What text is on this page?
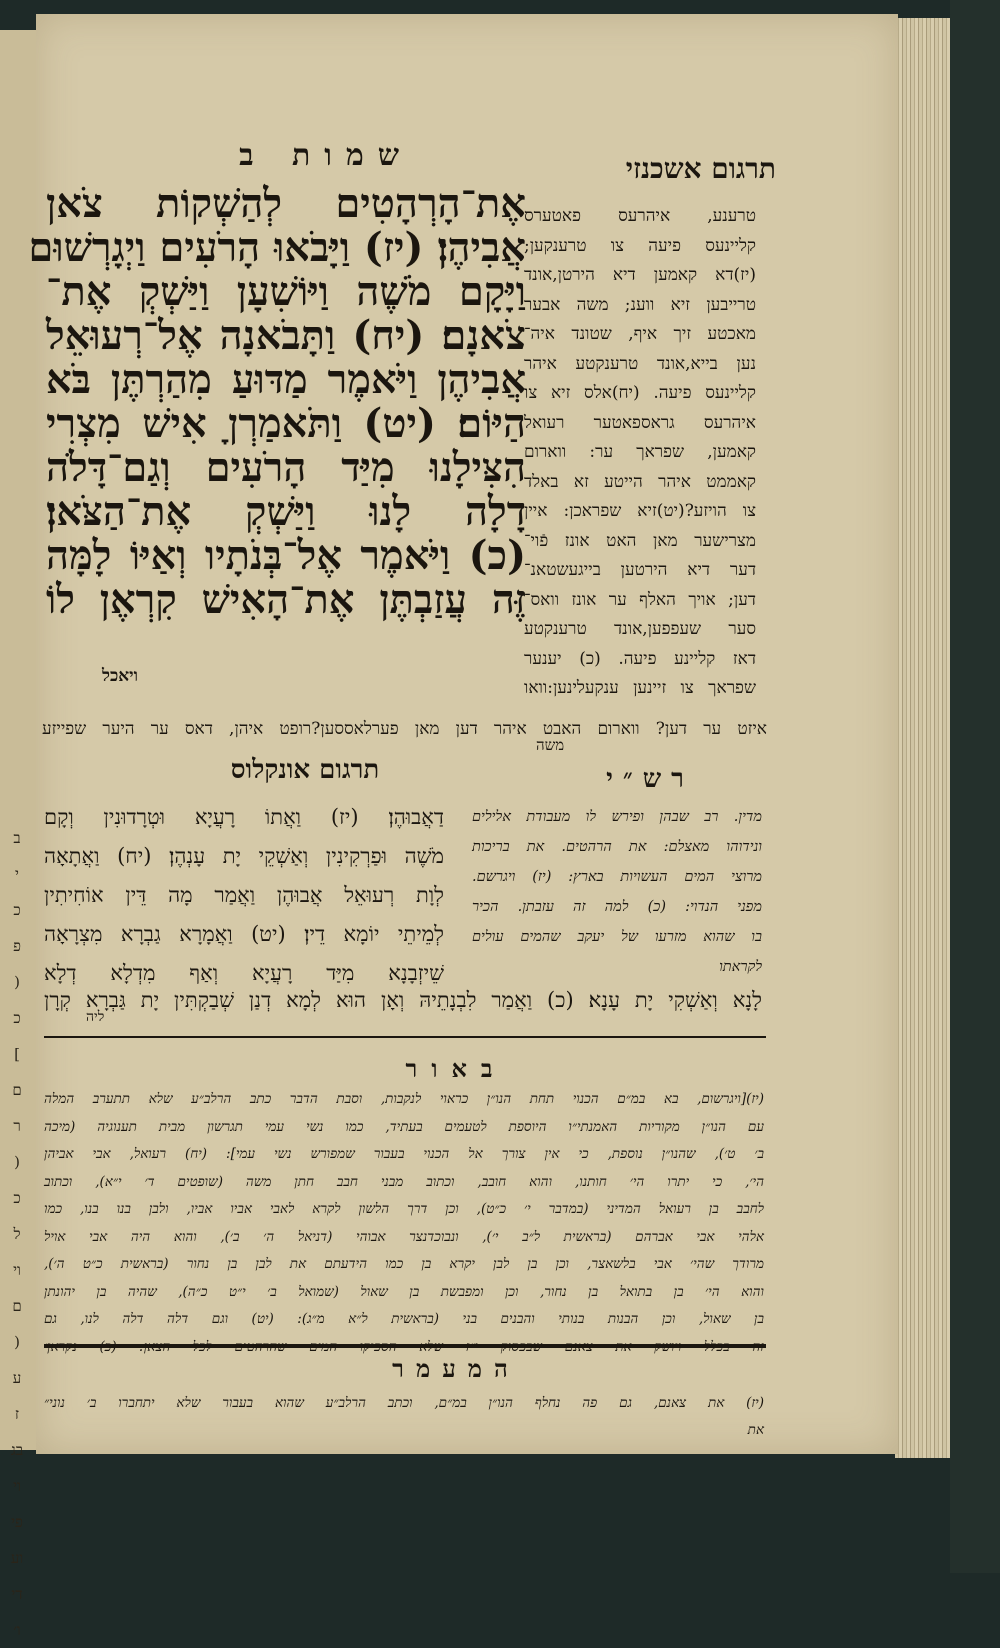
ב
י
כ
פ
(
כ
]
ם
ר
(
כ
ל
וי
ם
(
ע
ז
בג
וי
פי
וע
די
ו׳
שמות ב	תרגום אשכנזי
אֶת־הָרְהָטִים לְהַשְׁקוֹת צֹאן
אֲבִיהֶן׃ (יז) וַיָּבֹאוּ הָרֹעִים וַיְגָרְשׁוּם
וַיָּקָם מֹשֶׁה וַיּוֹשִׁעָן וַיַּשְׁקְ אֶת־
צֹאנָם׃ (יח) וַתָּבֹאנָה אֶל־רְעוּאֵל
אֲבִיהֶן וַיֹּאמֶר מַדּוּעַ מִהַרְתֶּן בֹּא
הַיּוֹם׃ (יט) וַתֹּאמַרְןָ אִישׁ מִצְרִי
הִצִּילָנוּ מִיַּד הָרֹעִים וְגַם־דָּלֹה
דָלָה לָנוּ וַיַּשְׁקְ אֶת־הַצֹּאן׃
(כ) וַיֹּאמֶר אֶל־בְּנֹתָיו וְאַיּוֹ לָמָּה
זֶּה עֲזַבְתֶּן אֶת־הָאִישׁ קִרְאֶן לוֹ
ויאכל
טרענע, איהרעס פאטערס
קליינעס פיעה צו טרענקען;
(יז)דא קאמען דיא הירטן,אונד
טרייבען זיא ווענ; משה אבער
מאכטע זיך איף, שטונד איה־
נען בייא,אונד טרענקטע איהר
קליינעס פיעה. (יח)אלס זיא צו
איהרעס גראספאטער רעואל
קאמען, שפראך ער: ווארום
קאממט איהר הייטע זא באלד
צו הויזע?(יט)זיא שפראכן: איין
מצרישער מאן האט אונז פֿוי־
דער דיא הירטען בייגעשטאנ־
דען; אויך האלף ער אונז וואס־
סער שעפפען,אונד טרענקטע
דאז קליינע פיעה. (כ) יענער
שפראך צו זיינען ענקעלינען:וואו
איזט ער דען? ווארום האבט איהר דען מאן פערלאססען?רופט איהן, דאס ער היער שפייזע
משה
תרגום אונקלוס
דַאֲבוּהֶן׃ (יז) וַאֲתוֹ רָעֲיָא וּטְרָדוּנִין וְקָם
מֹשֶׁה וּפַרְקִינִין וְאַשְׁקֵי יָת עָנְהֶן׃ (יח) וַאֲתָאָה
לְוָת רְעוּאֵל אֲבוּהֶן וַאֲמַר מָה דֵּין אוֹחִיתִין
לְמֵיתֵי יוֹמָא דֵין׃ (יט) וַאֲמָרָא גַבְרָא מִצְרָאָה
שֵׁיזְבָנָא מִיַּד רָעֲיָא וְאַף מִדְלָא דְלָא
לָנָא וְאַשְׁקִי יָת עָנָא׃ (כ) וַאֲמַר לִבְנָתֵיהּ וְאָן הוּא לְמָא דְנַן שְׁבַקְתִּין יָת גַּבְרָא קְרָן
ליה
רש״י
מדין. רב שבהן ופירש לו מעבודת אלילים
ונידוהו מאצלם: את הרהטים. את בריכות
מרוצי המים העשויות בארץ: (יז) ויגרשם.
מפני הנדוי: (כ) למה זה עזבתן. הכיר
בו שהוא מזרעו של יעקב שהמים עולים
לקראתו
באור
(יז)[ויגרשום, בא במ״ם הכנוי תחת הנו״ן כראוי לנקבות, וסבת הדבר כתב הרלב״ע שלא תתערב המלה
עם הנו״ן מקוריות האמנתי״ו היוספת לטעמים בעתיד, כמו נשי עמי תגרשון מבית תענוגיה (מיכה
ב׳ ט׳), שהנו״ן נוספת, כי אין צורך אל הכנוי בעבור שמפורש נשי עמי]: (יח) רעואל, אבי אביהן
הי׳, כי יתרו הי׳ חותנו, והוא חובב, וכתוב מבני חבב חתן משה (שופטים ד׳ י״א), וכתוב
לחבב בן רעואל המדיני (במדבר י׳ כ״ט), וכן דרך הלשון לקרא לאבי אביו אביו, ולבן בנו בנו, כמו
אלהי אבי אברהם (בראשית ל״ב י׳), ונבוכדנצר אבוהי (דניאל ה׳ ב׳), והוא היה אבי אויל
מרודך שהי׳ אבי בלשאצר, וכן בן לבן יקרא בן כמו הידעתם את לבן בן נחור (בראשית כ״ט ה׳),
והוא הי׳ בן בתואל בן נחור, וכן ומפבשת בן שאול (שמואל ב׳ י״ט כ״ה), שהיה בן יהונתן
בן שאול, וכן הבנות בנותי והבנים בני (בראשית ל״א מ״ג): (יט) וגם דלה דלה לנו, גם
המעמר
(יז) את צאנם, גם פה נחלף הנו״ן במ״ם, וכתב הרלב״ע שהוא בעבור שלא יתחברו ב׳ נוני״
את
